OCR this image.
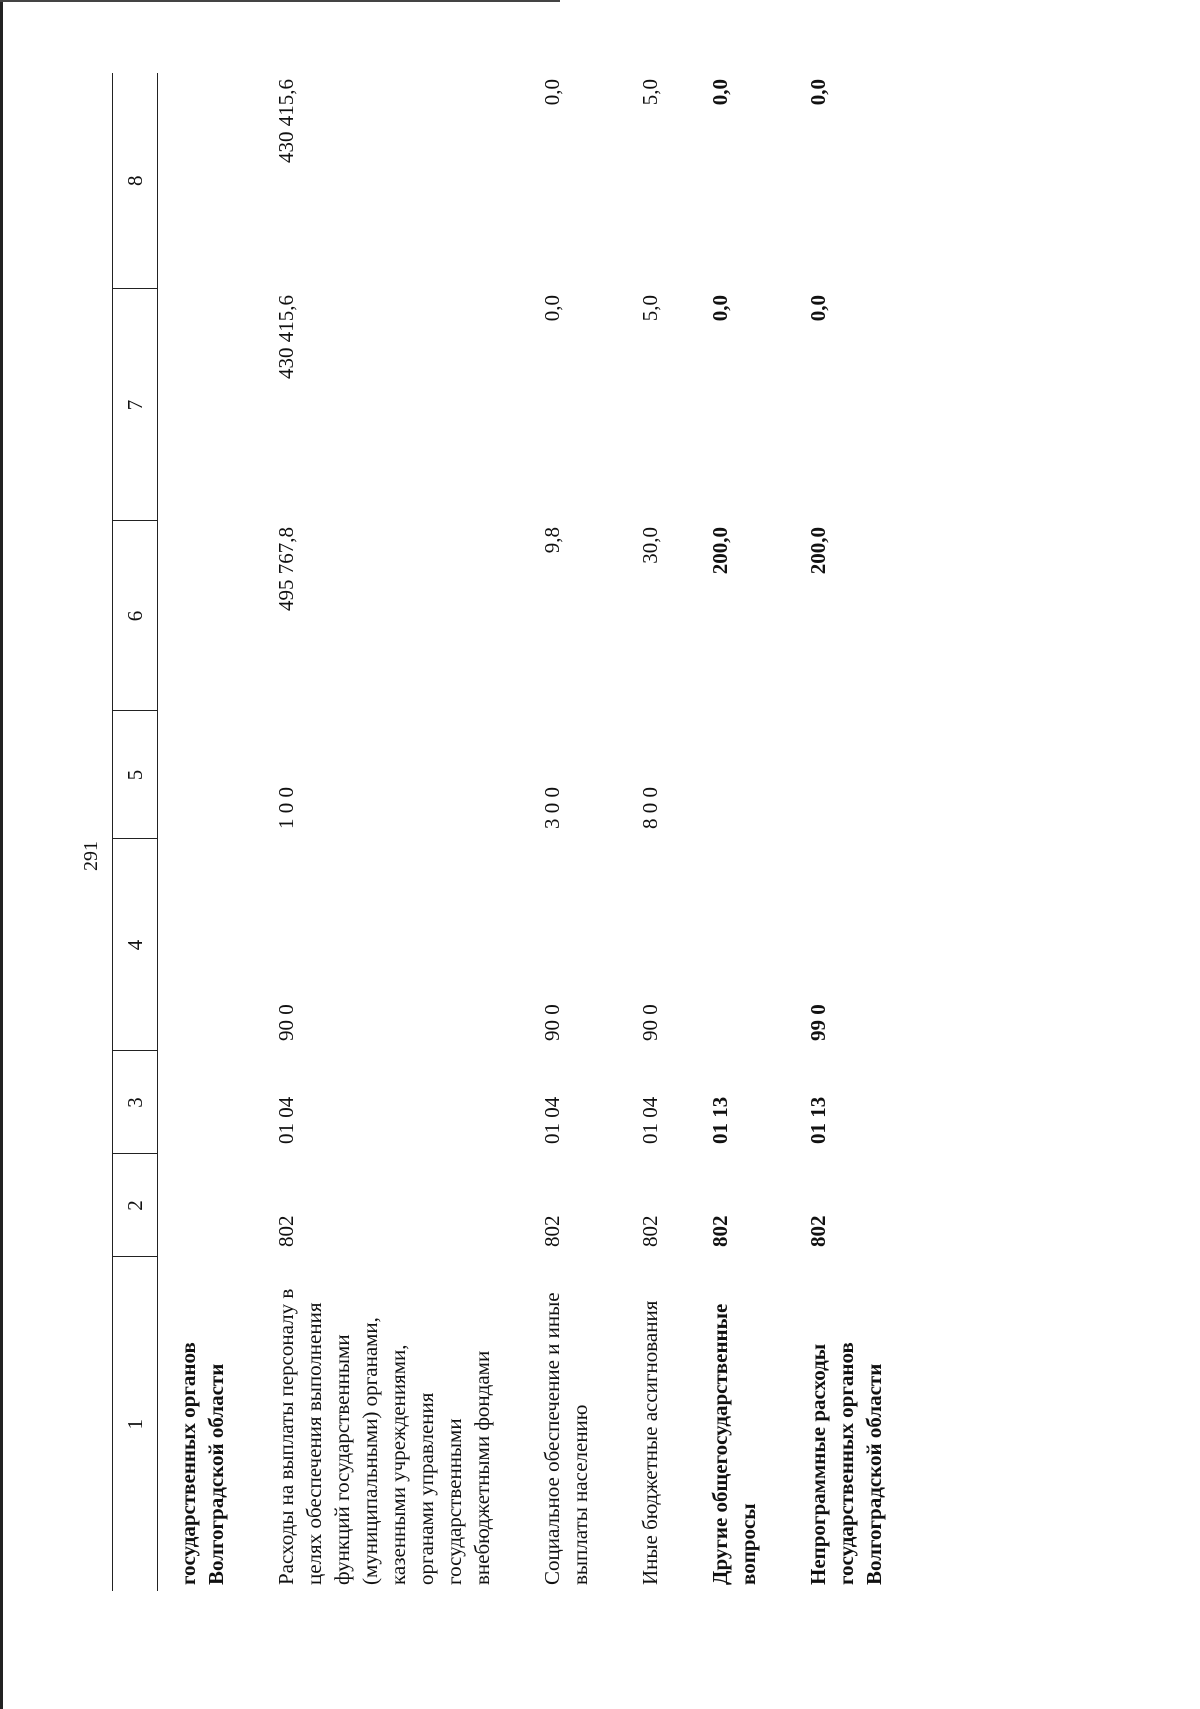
291
1	2	3	4	5	6	7	8
государственных органов Волгоградской области							
Расходы на выплаты персоналу в целях обеспечения выполнения функций государственными (муниципальными) органами, казенными учреждениями, органами управления государственными внебюджетными фондами	802	01 04	90 0	1 0 0	495 767,8	430 415,6	430 415,6
Социальное обеспечение и иные выплаты населению	802	01 04	90 0	3 0 0	9,8	0,0	0,0
Иные бюджетные ассигнования	802	01 04	90 0	8 0 0	30,0	5,0	5,0
Другие общегосударственные вопросы	802	01 13			200,0	0,0	0,0
Непрограммные расходы государственных органов Волгоградской области	802	01 13	99 0		200,0	0,0	0,0
